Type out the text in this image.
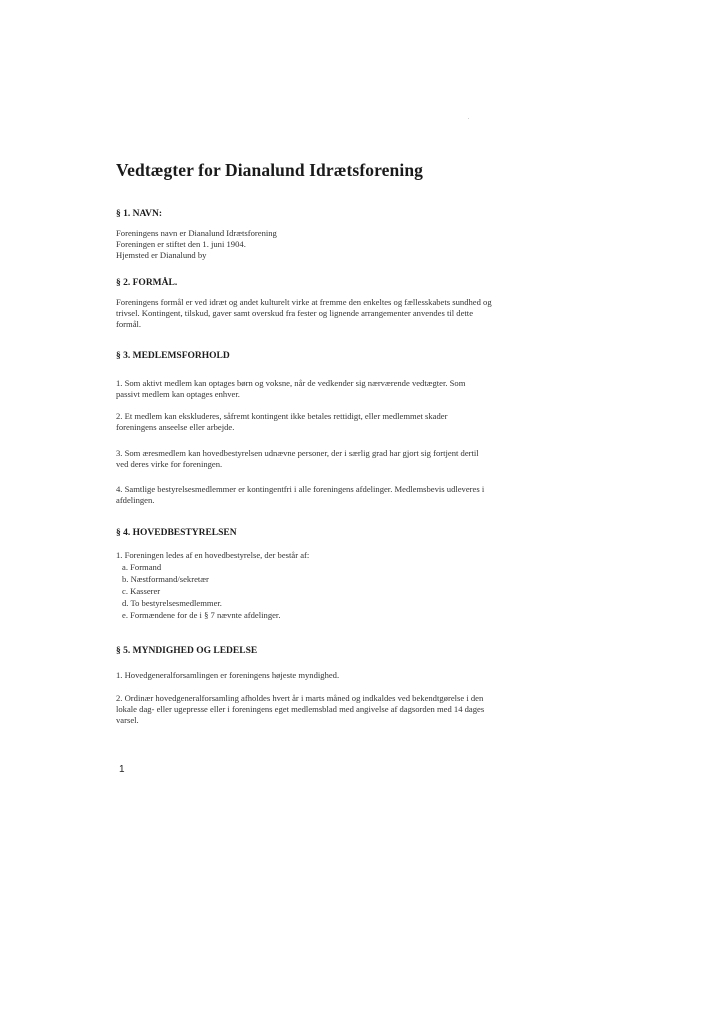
Vedtægter for Dianalund Idrætsforening
§ 1. NAVN:
Foreningens navn er Dianalund Idrætsforening
Foreningen er stiftet den 1. juni 1904.
Hjemsted er Dianalund by
§ 2. FORMÅL.
Foreningens formål er ved idræt og andet kulturelt virke at fremme den enkeltes og fællesskabets sundhed og
trivsel. Kontingent, tilskud, gaver samt overskud fra fester og lignende arrangementer anvendes til dette
formål.
§ 3. MEDLEMSFORHOLD
1. Som aktivt medlem kan optages børn og voksne, når de vedkender sig nærværende vedtægter. Som
passivt medlem kan optages enhver.
2. Et medlem kan ekskluderes, såfremt kontingent ikke betales rettidigt, eller medlemmet skader
foreningens anseelse eller arbejde.
3. Som æresmedlem kan hovedbestyrelsen udnævne personer, der i særlig grad har gjort sig fortjent dertil
ved deres virke for foreningen.
4. Samtlige bestyrelsesmedlemmer er kontingentfri i alle foreningens afdelinger. Medlemsbevis udleveres i
afdelingen.
§ 4. HOVEDBESTYRELSEN
1. Foreningen ledes af en hovedbestyrelse, der består af:
a. Formand
b. Næstformand/sekretær
c. Kasserer
d. To bestyrelsesmedlemmer.
e. Formændene for de i § 7 nævnte afdelinger.
§ 5. MYNDIGHED OG LEDELSE
1. Hovedgeneralforsamlingen er foreningens højeste myndighed.
2. Ordinær hovedgeneralforsamling afholdes hvert år i marts måned og indkaldes ved bekendtgørelse i den
lokale dag- eller ugepresse eller i foreningens eget medlemsblad med angivelse af dagsorden med 14 dages
varsel.
1
